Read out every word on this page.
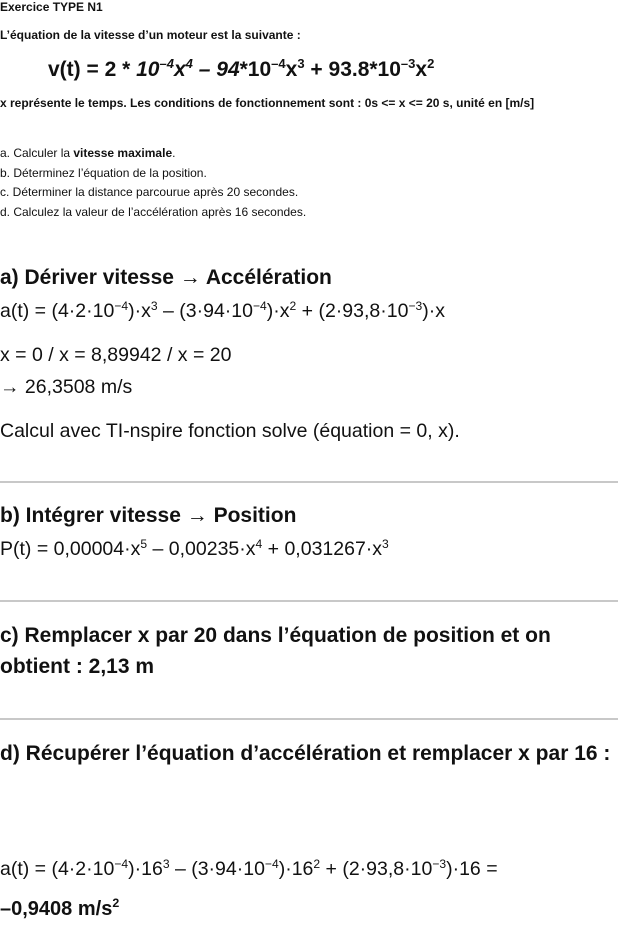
Exercice TYPE N1
L’équation de la vitesse d’un moteur est la suivante :
$v(t) = 2 * 10^{-4}x^4 - 94*10^{-4}x^3 + 93.8*10^{-3}x^2$
x représente le temps. Les conditions de fonctionnement sont : 0s <= x <= 20 s, unité en [m/s]
a. Calculer la vitesse maximale.
b. Déterminez l’équation de la position.
c. Déterminer la distance parcourue après 20 secondes.
d. Calculez la valeur de l’accélération après 16 secondes.
a) Dériver vitesse → Accélération
$a(t) = (4\cdot 2\cdot 10^{-4})\cdot x^3 - (3\cdot 94\cdot 10^{-4})\cdot x^2 + (2\cdot 93,8\cdot 10^{-3})\cdot x$
x = 0 / x = 8,89942 / x = 20
→ 26,3508 m/s
Calcul avec TI-nspire fonction solve (équation = 0, x).
b) Intégrer vitesse → Position
$P(t) = 0,00004\cdot x^5 - 0,00235\cdot x^4 + 0,031267\cdot x^3$
c) Remplacer x par 20 dans l’équation de position et on obtient : 2,13 m
d) Récupérer l’équation d’accélération et remplacer x par 16 :
$a(t) = (4\cdot 2\cdot 10^{-4})\cdot 16^3 - (3\cdot 94\cdot 10^{-4})\cdot 16^2 + (2\cdot 93,8\cdot 10^{-3})\cdot 16$ =
–0,9408 $m/s^2$
